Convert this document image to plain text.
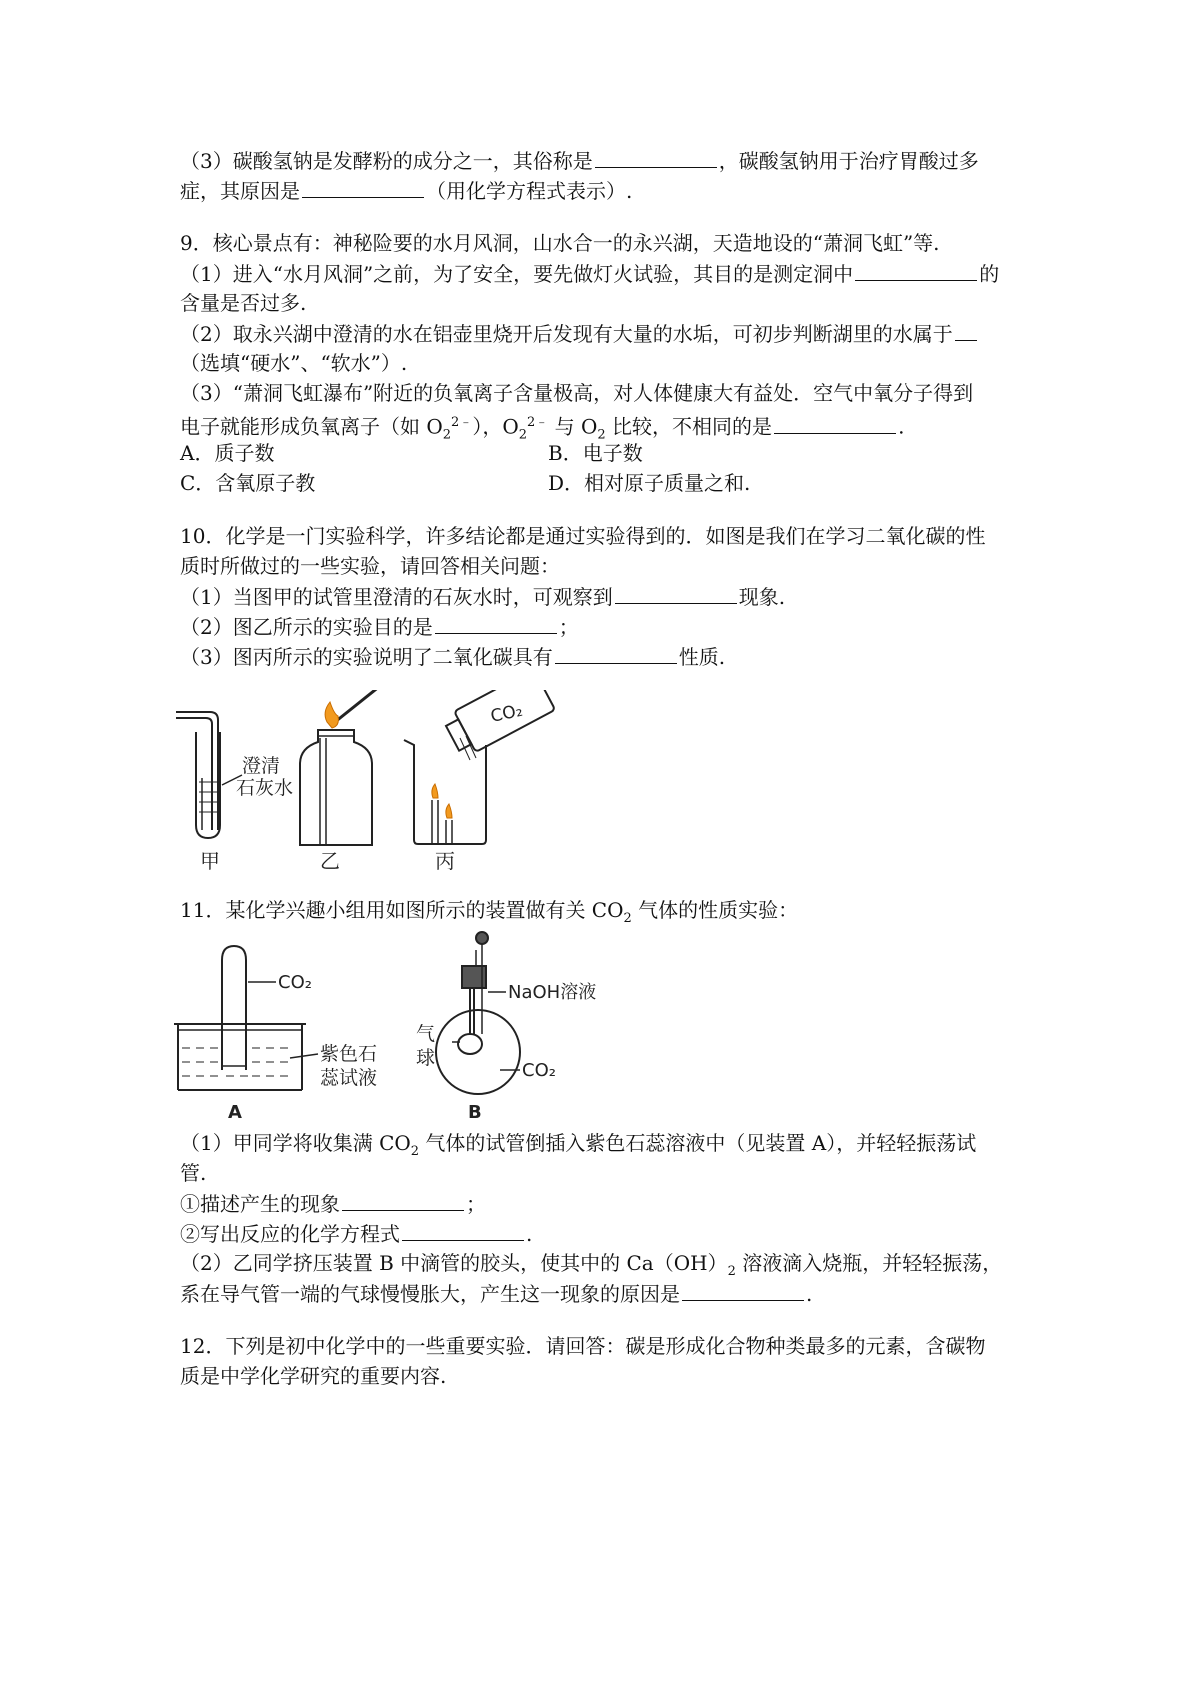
（3）碳酸氢钠是发酵粉的成分之一，其俗称是	，碳酸氢钠用于治疗胃酸过多
症，其原因是	（用化学方程式表示）.
9．核心景点有：神秘险要的水月风洞，山水合一的永兴湖，天造地设的“萧洞飞虹”等.
（1）进入“水月风洞”之前，为了安全，要先做灯火试验，其目的是测定洞中	的
含量是否过多.
（2）取永兴湖中澄清的水在铝壶里烧开后发现有大量的水垢，可初步判断湖里的水属于
（选填“硬水”、“软水”）.
（3）“萧洞飞虹瀑布”附近的负氧离子含量极高，对人体健康大有益处．空气中氧分子得到
电子就能形成负氧离子（如 $O_2^{2﹣}$），$O_2^{2﹣}$ 与 $O_2$ 比较，不相同的是	.
A．质子数	B．电子数
C．含氧原子教	D．相对原子质量之和.
10．化学是一门实验科学，许多结论都是通过实验得到的．如图是我们在学习二氧化碳的性
质时所做过的一些实验，请回答相关问题：
（1）当图甲的试管里澄清的石灰水时，可观察到	现象.
（2）图乙所示的实验目的是	；
（3）图丙所示的实验说明了二氧化碳具有	性质.
澄清
石灰水
甲	乙
CO₂
丙
11．某化学兴趣小组用如图所示的装置做有关 $CO_2$ 气体的性质实验：
CO₂
紫色石
蕊试液
A
NaOH溶液
气
球
CO₂
B
（1）甲同学将收集满 $CO_2$ 气体的试管倒插入紫色石蕊溶液中（见装置 A），并轻轻振荡试
管.
①描述产生的现象	；
②写出反应的化学方程式	.
（2）乙同学挤压装置 B 中滴管的胶头，使其中的 $Ca(OH)_2$ 溶液滴入烧瓶，并轻轻振荡，
系在导气管一端的气球慢慢胀大，产生这一现象的原因是	.
12．下列是初中化学中的一些重要实验．请回答：碳是形成化合物种类最多的元素，含碳物
质是中学化学研究的重要内容.
